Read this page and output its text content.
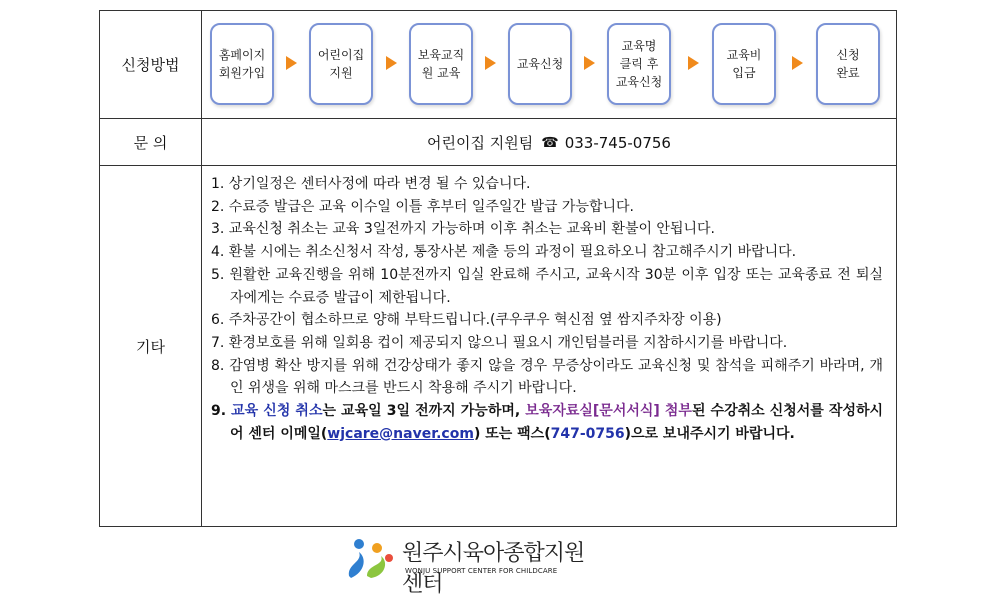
신청방법
문 의
기타
홈페이지
회원가입
어린이집
지원
보육교직
원 교육
교육신청
교육명
클릭 후
교육신청
교육비
입금
신청
완료
어린이집 지원팀 ☎ 033-745-0756
1. 상기일정은 센터사정에 따라 변경 될 수 있습니다.
2. 수료증 발급은 교육 이수일 이틀 후부터 일주일간 발급 가능합니다.
3. 교육신청 취소는 교육 3일전까지 가능하며 이후 취소는 교육비 환불이 안됩니다.
4. 환불 시에는 취소신청서 작성, 통장사본 제출 등의 과정이 필요하오니 참고해주시기 바랍니다.
5. 원활한 교육진행을 위해 10분전까지 입실 완료해 주시고, 교육시작 30분 이후 입장 또는 교육종료 전 퇴실자에게는 수료증 발급이 제한됩니다.
6. 주차공간이 협소하므로 양해 부탁드립니다.(쿠우쿠우 혁신점 옆 쌈지주차장 이용)
7. 환경보호를 위해 일회용 컵이 제공되지 않으니 필요시 개인텀블러를 지참하시기를 바랍니다.
8. 감염병 확산 방지를 위해 건강상태가 좋지 않을 경우 무증상이라도 교육신청 및 참석을 피해주기 바라며, 개인 위생을 위해 마스크를 반드시 착용해 주시기 바랍니다.
9. 교육 신청 취소는 교육일 3일 전까지 가능하며, 보육자료실[문서서식] 첨부된 수강취소 신청서를 작성하시어 센터 이메일(wjcare@naver.com) 또는 팩스(747-0756)으로 보내주시기 바랍니다.
원주시육아종합지원센터
WONJU SUPPORT CENTER FOR CHILDCARE
